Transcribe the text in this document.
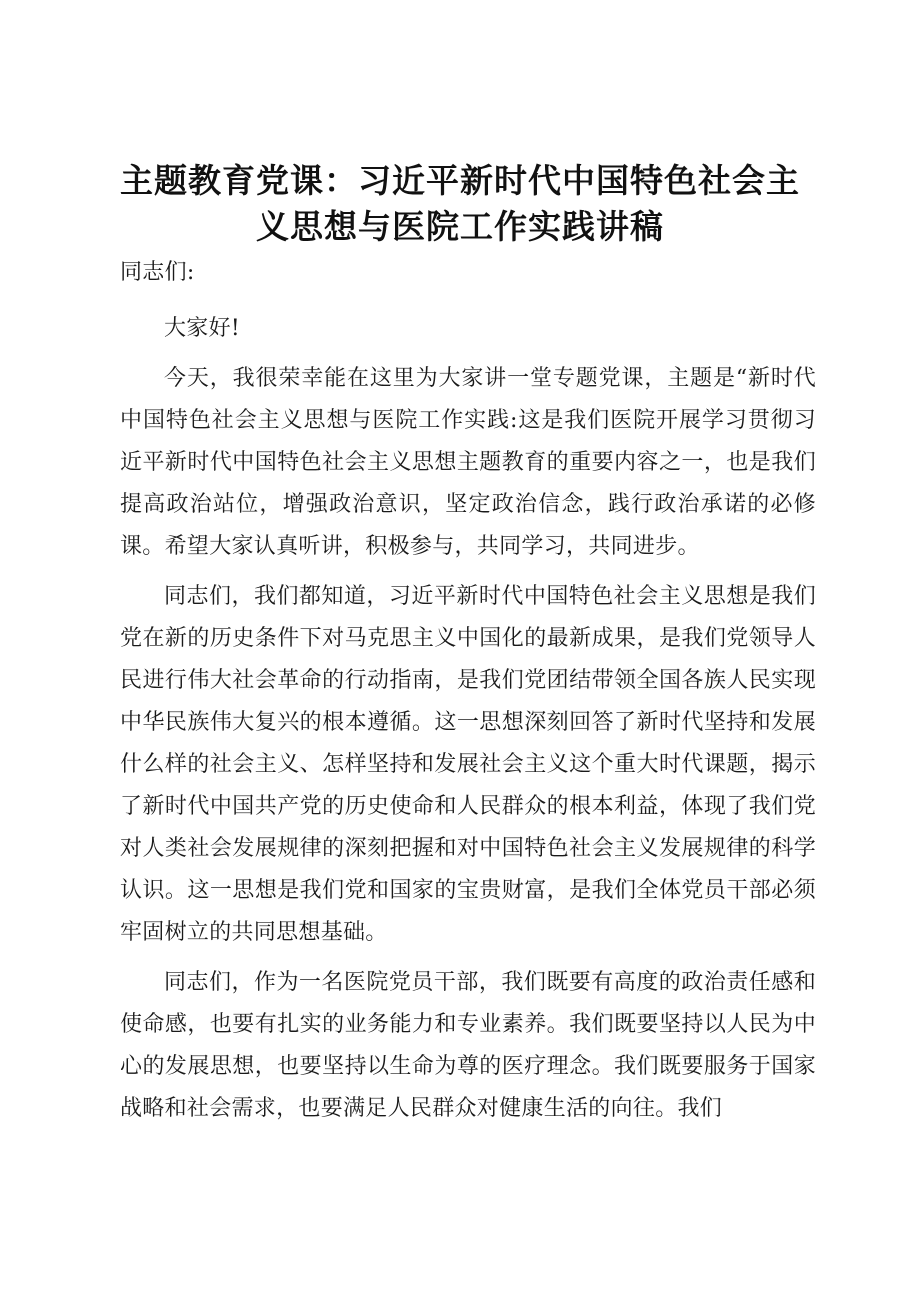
主题教育党课：习近平新时代中国特色社会主义思想与医院工作实践讲稿

同志们:

大家好!

今天，我很荣幸能在这里为大家讲一堂专题党课，主题是“新时代中国特色社会主义思想与医院工作实践:这是我们医院开展学习贯彻习近平新时代中国特色社会主义思想主题教育的重要内容之一，也是我们提高政治站位，增强政治意识，坚定政治信念，践行政治承诺的必修课。希望大家认真听讲，积极参与，共同学习，共同进步。

同志们，我们都知道，习近平新时代中国特色社会主义思想是我们党在新的历史条件下对马克思主义中国化的最新成果，是我们党领导人民进行伟大社会革命的行动指南，是我们党团结带领全国各族人民实现中华民族伟大复兴的根本遵循。这一思想深刻回答了新时代坚持和发展什么样的社会主义、怎样坚持和发展社会主义这个重大时代课题，揭示了新时代中国共产党的历史使命和人民群众的根本利益，体现了我们党对人类社会发展规律的深刻把握和对中国特色社会主义发展规律的科学认识。这一思想是我们党和国家的宝贵财富，是我们全体党员干部必须牢固树立的共同思想基础。

同志们，作为一名医院党员干部，我们既要有高度的政治责任感和使命感，也要有扎实的业务能力和专业素养。我们既要坚持以人民为中心的发展思想，也要坚持以生命为尊的医疗理念。我们既要服务于国家战略和社会需求，也要满足人民群众对健康生活的向往。我们
